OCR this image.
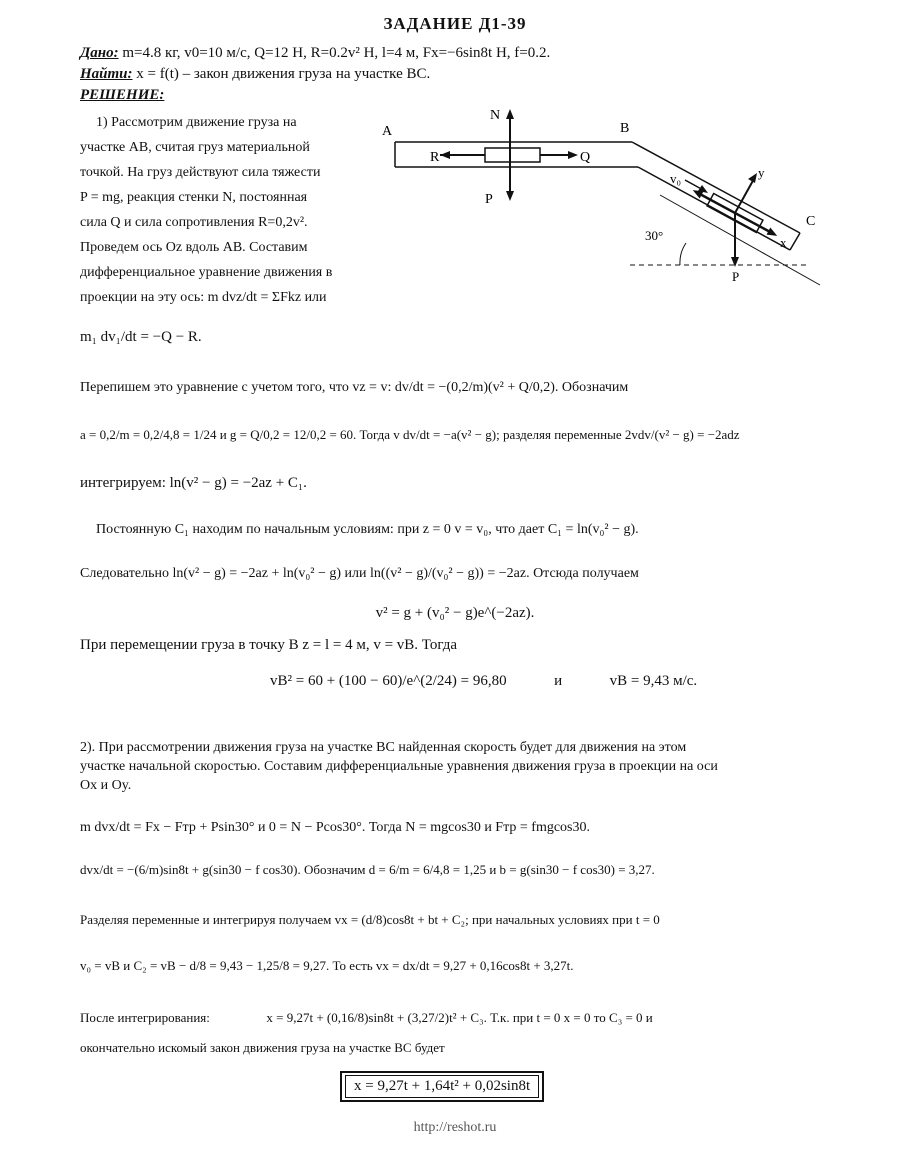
ЗАДАНИЕ Д1-39
Дано: m=4.8 кг, v0=10 м/с, Q=12 Н, R=0.2v² Н, l=4 м, Fx=−6sin8t Н, f=0.2.
Найти: x = f(t) – закон движения груза на участке BC.
РЕШЕНИЕ:
1) Рассмотрим движение груза на
участке AB, считая груз материальной
точкой. На груз действуют сила тяжести
P = mg, реакция стенки N, постоянная
сила Q и сила сопротивления R=0,2v².
Проведем ось Oz вдоль AB. Составим
дифференциальное уравнение движения в
проекции на эту ось: m dvz/dt = ΣFkz или
A	B
C
N
R	Q
P
v₀
30°
y
x
P
m₁ dv₁/dt = −Q − R.
Перепишем это уравнение с учетом того, что vz = v: dv/dt = −(0,2/m)(v² + Q/0,2). Обозначим
a = 0,2/m = 0,2/4,8 = 1/24 и g = Q/0,2 = 12/0,2 = 60. Тогда v dv/dt = −a(v² − g); разделяя переменные 2vdv/(v² − g) = −2adz
интегрируем: ln(v² − g) = −2az + C₁.
Постоянную C₁ находим по начальным условиям: при z = 0 v = v₀, что дает C₁ = ln(v₀² − g).
Следовательно ln(v² − g) = −2az + ln(v₀² − g) или ln((v² − g)/(v₀² − g)) = −2az. Отсюда получаем
v² = g + (v₀² − g)e^(−2az).
При перемещении груза в точку B z = l = 4 м, v = vB. Тогда
vB² = 60 + (100 − 60)/e^(2/24) = 96,80	и	vB = 9,43 м/с.
2). При рассмотрении движения груза на участке BC найденная скорость будет для движения на этом
участке начальной скоростью. Составим дифференциальные уравнения движения груза в проекции на оси
Ox и Oy.
m dvx/dt = Fx − Fтр + Psin30° и 0 = N − Pcos30°. Тогда N = mgcos30 и Fтр = fmgcos30.
dvx/dt = −(6/m)sin8t + g(sin30 − f cos30). Обозначим d = 6/m = 6/4,8 = 1,25 и b = g(sin30 − f cos30) = 3,27.
Разделяя переменные и интегрируя получаем vx = (d/8)cos8t + bt + C₂; при начальных условиях при t = 0
v₀ = vB и C₂ = vB − d/8 = 9,43 − 1,25/8 = 9,27. То есть vx = dx/dt = 9,27 + 0,16cos8t + 3,27t.
После интегрирования:	x = 9,27t + (0,16/8)sin8t + (3,27/2)t² + C₃. Т.к. при t = 0 x = 0 то C₃ = 0 и
окончательно искомый закон движения груза на участке BC будет
x = 9,27t + 1,64t² + 0,02sin8t
http://reshot.ru
